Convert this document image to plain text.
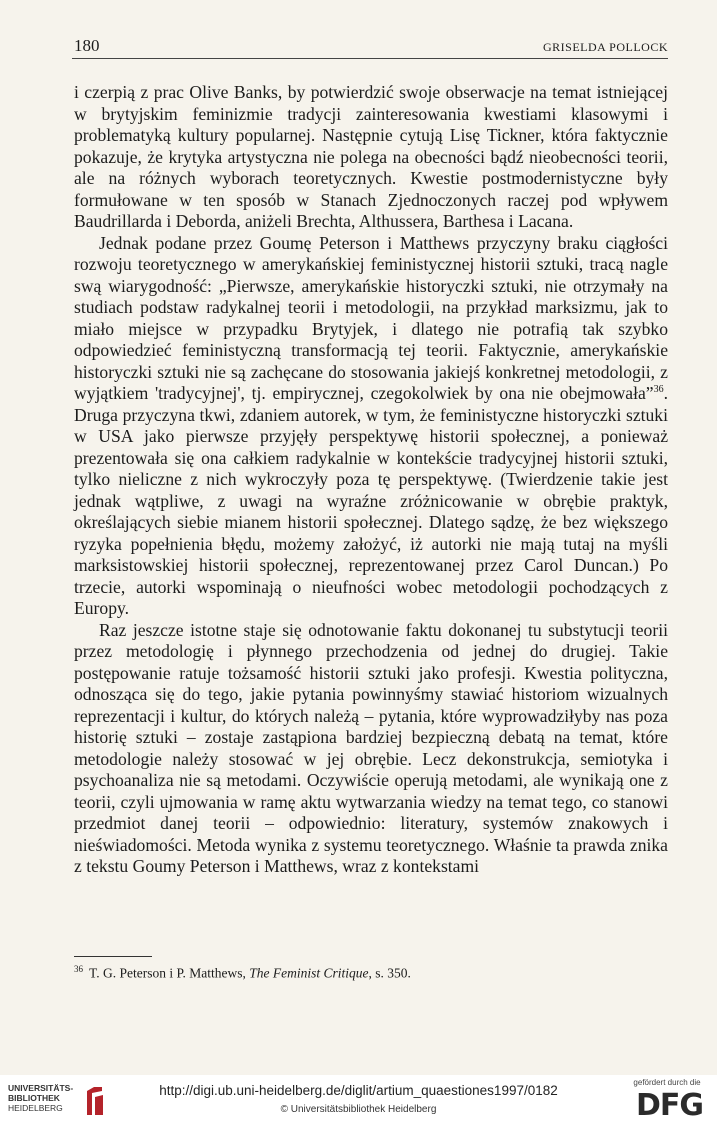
180	GRISELDA POLLOCK

i czerpią z prac Olive Banks, by potwierdzić swoje obserwacje na temat istniejącej w brytyjskim feminizmie tradycji zainteresowania kwestiami klasowymi i problematyką kultury popularnej. Następnie cytują Lisę Tickner, która faktycznie pokazuje, że krytyka artystyczna nie polega na obecności bądź nieobecności teorii, ale na różnych wyborach teoretycznych. Kwestie postmodernistyczne były formułowane w ten sposób w Stanach Zjednoczonych raczej pod wpływem Baudrillarda i Deborda, aniżeli Brechta, Althussera, Barthesa i Lacana.

Jednak podane przez Goumę Peterson i Matthews przyczyny braku ciągłości rozwoju teoretycznego w amerykańskiej feministycznej historii sztuki, tracą nagle swą wiarygodność: „Pierwsze, amerykańskie historyczki sztuki, nie otrzymały na studiach podstaw radykalnej teorii i metodologii, na przykład marksizmu, jak to miało miejsce w przypadku Brytyjek, i dlatego nie potrafią tak szybko odpowiedzieć feministyczną transformacją tej teorii. Faktycznie, amerykańskie historyczki sztuki nie są zachęcane do stosowania jakiejś konkretnej metodologii, z wyjątkiem 'tradycyjnej', tj. empirycznej, czegokolwiek by ona nie obejmowała”$^{36}$. Druga przyczyna tkwi, zdaniem autorek, w tym, że feministyczne historyczki sztuki w USA jako pierwsze przyjęły perspektywę historii społecznej, a ponieważ prezentowała się ona całkiem radykalnie w kontekście tradycyjnej historii sztuki, tylko nieliczne z nich wykroczyły poza tę perspektywę. (Twierdzenie takie jest jednak wątpliwe, z uwagi na wyraźne zróżnicowanie w obrębie praktyk, określających siebie mianem historii społecznej. Dlatego sądzę, że bez większego ryzyka popełnienia błędu, możemy założyć, iż autorki nie mają tutaj na myśli marksistowskiej historii społecznej, reprezentowanej przez Carol Duncan.) Po trzecie, autorki wspominają o nieufności wobec metodologii pochodzących z Europy.

Raz jeszcze istotne staje się odnotowanie faktu dokonanej tu substytucji teorii przez metodologię i płynnego przechodzenia od jednej do drugiej. Takie postępowanie ratuje tożsamość historii sztuki jako profesji. Kwestia polityczna, odnosząca się do tego, jakie pytania powinnyśmy stawiać historiom wizualnych reprezentacji i kultur, do których należą – pytania, które wyprowadziłyby nas poza historię sztuki – zostaje zastąpiona bardziej bezpieczną debatą na temat, które metodologie należy stosować w jej obrębie. Lecz dekonstrukcja, semiotyka i psychoanaliza nie są metodami. Oczywiście operują metodami, ale wynikają one z teorii, czyli ujmowania w ramę aktu wytwarzania wiedzy na temat tego, co stanowi przedmiot danej teorii – odpowiednio: literatury, systemów znakowych i nieświadomości. Metoda wynika z systemu teoretycznego. Właśnie ta prawda znika z tekstu Goumy Peterson i Matthews, wraz z kontekstami

$^{36}$ T. G. Peterson i P. Matthews, The Feminist Critique, s. 350.
UNIVERSITÄTS-
BIBLIOTHEK
HEIDELBERG
http://digi.ub.uni-heidelberg.de/diglit/artium_quaestiones1997/0182
© Universitätsbibliothek Heidelberg
gefördert durch die
DFG
